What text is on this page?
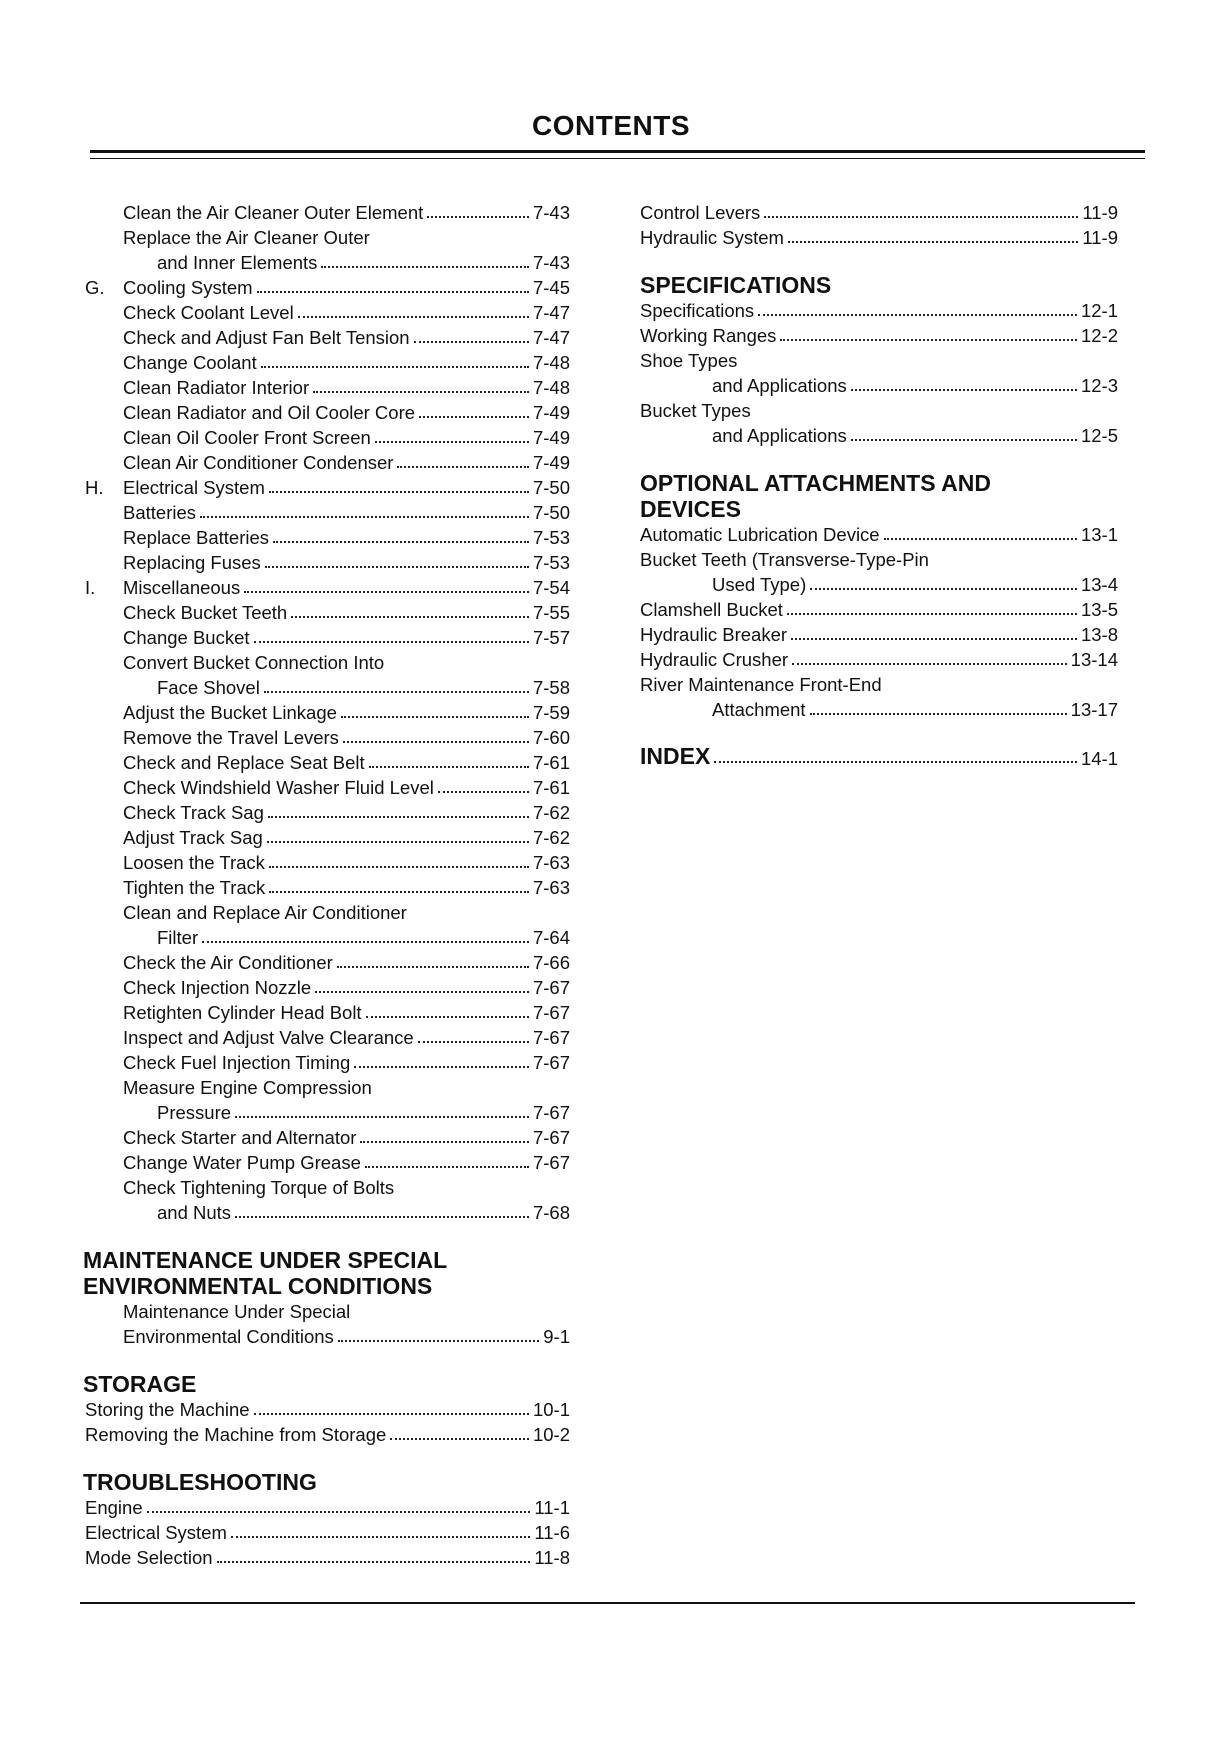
CONTENTS
Clean the Air Cleaner Outer Element	7-43
Replace the Air Cleaner Outer
and Inner Elements	7-43
G. Cooling System	7-45
Check Coolant Level	7-47
Check and Adjust Fan Belt Tension	7-47
Change Coolant	7-48
Clean Radiator Interior	7-48
Clean Radiator and Oil Cooler Core	7-49
Clean Oil Cooler Front Screen	7-49
Clean Air Conditioner Condenser	7-49
H.	Electrical System	7-50
Batteries	7-50
Replace Batteries	7-53
Replacing Fuses	7-53
I.	Miscellaneous	7-54
Check Bucket Teeth	7-55
Change Bucket	7-57
Convert Bucket Connection Into
Face Shovel	7-58
Adjust the Bucket Linkage	7-59
Remove the Travel Levers	7-60
Check and Replace Seat Belt	7-61
Check Windshield Washer Fluid Level	7-61
Check Track Sag	7-62
Adjust Track Sag	7-62
Loosen the Track	7-63
Tighten the Track	7-63
Clean and Replace Air Conditioner
Filter	7-64
Check the Air Conditioner	7-66
Check Injection Nozzle	7-67
Retighten Cylinder Head Bolt	7-67
Inspect and Adjust Valve Clearance	7-67
Check Fuel Injection Timing	7-67
Measure Engine Compression
Pressure	7-67
Check Starter and Alternator	7-67
Change Water Pump Grease	7-67
Check Tightening Torque of Bolts
and Nuts	7-68
MAINTENANCE UNDER SPECIAL
ENVIRONMENTAL CONDITIONS
Maintenance Under Special
Environmental Conditions	9-1
STORAGE
Storing the Machine	10-1
Removing the Machine from Storage	10-2
TROUBLESHOOTING
Engine	11-1
Electrical System	11-6
Mode Selection	11-8
Control Levers	11-9
Hydraulic System	11-9
SPECIFICATIONS
Specifications	12-1
Working Ranges	12-2
Shoe Types
and Applications	12-3
Bucket Types
and Applications	12-5
OPTIONAL ATTACHMENTS AND
DEVICES
Automatic Lubrication Device	13-1
Bucket Teeth (Transverse-Type-Pin
Used Type)	13-4
Clamshell Bucket	13-5
Hydraulic Breaker	13-8
Hydraulic Crusher	13-14
River Maintenance Front-End
Attachment	13-17
INDEX	14-1
